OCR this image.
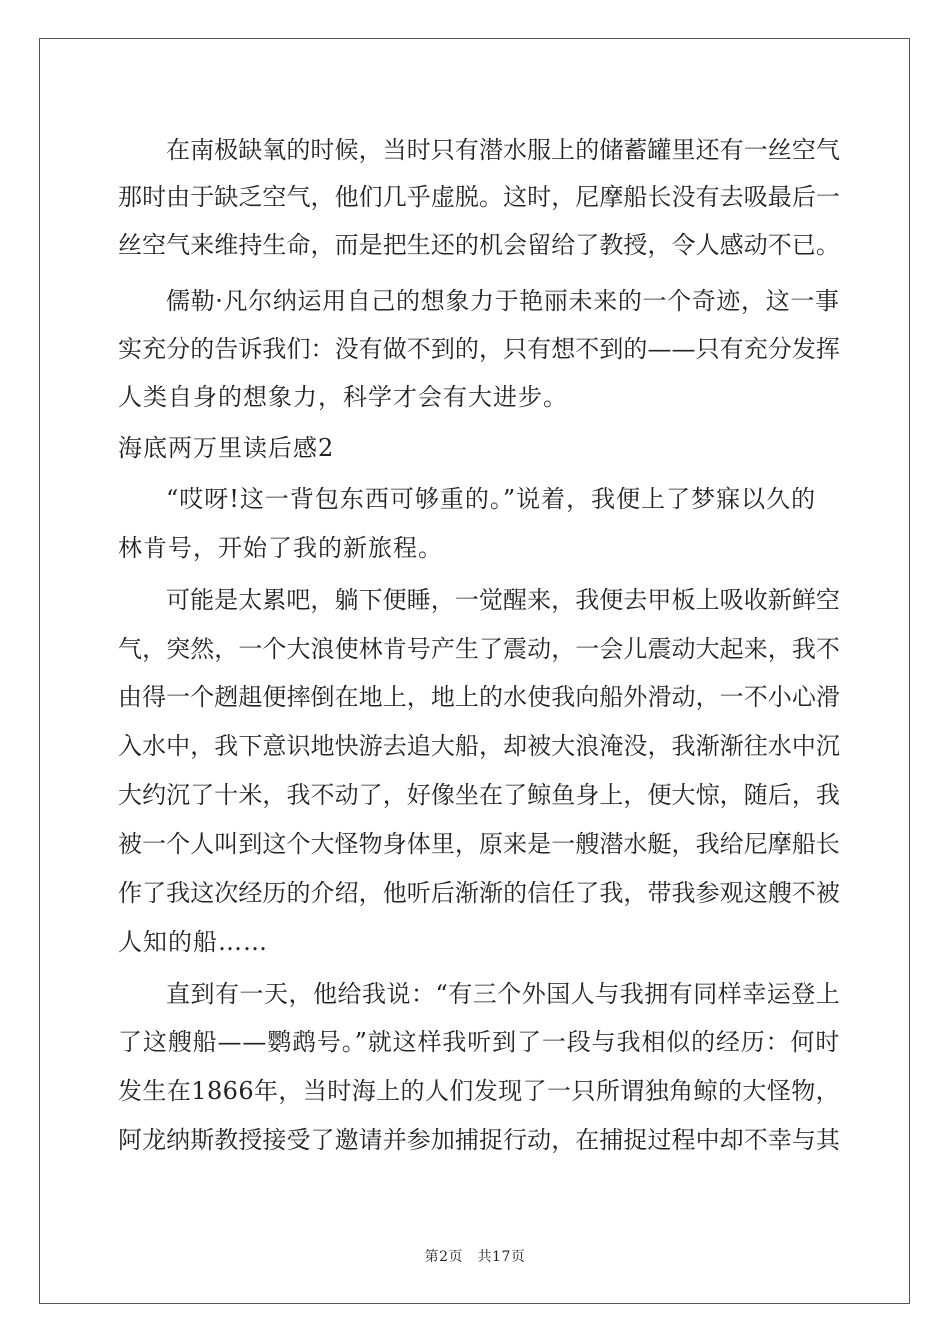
在南极缺氧的时候，当时只有潜水服上的储蓄罐里还有一丝空气
那时由于缺乏空气，他们几乎虚脱。这时，尼摩船长没有去吸最后一
丝空气来维持生命，而是把生还的机会留给了教授，令人感动不已。
儒勒·凡尔纳运用自己的想象力于艳丽未来的一个奇迹，这一事
实充分的告诉我们：没有做不到的，只有想不到的——只有充分发挥
人类自身的想象力，科学才会有大进步。
海底两万里读后感2
“哎呀!这一背包东西可够重的。”说着，我便上了梦寐以久的
林肯号，开始了我的新旅程。
可能是太累吧，躺下便睡，一觉醒来，我便去甲板上吸收新鲜空
气，突然，一个大浪使林肯号产生了震动，一会儿震动大起来，我不
由得一个趔趄便摔倒在地上，地上的水使我向船外滑动，一不小心滑
入水中，我下意识地快游去追大船，却被大浪淹没，我渐渐往水中沉
大约沉了十米，我不动了，好像坐在了鲸鱼身上，便大惊，随后，我
被一个人叫到这个大怪物身体里，原来是一艘潜水艇，我给尼摩船长
作了我这次经历的介绍，他听后渐渐的信任了我，带我参观这艘不被
人知的船……
直到有一天，他给我说：“有三个外国人与我拥有同样幸运登上
了这艘船——鹦鹉号。”就这样我听到了一段与我相似的经历：何时
发生在1866年，当时海上的人们发现了一只所谓独角鲸的大怪物，
阿龙纳斯教授接受了邀请并参加捕捉行动，在捕捉过程中却不幸与其
第2页　共17页
